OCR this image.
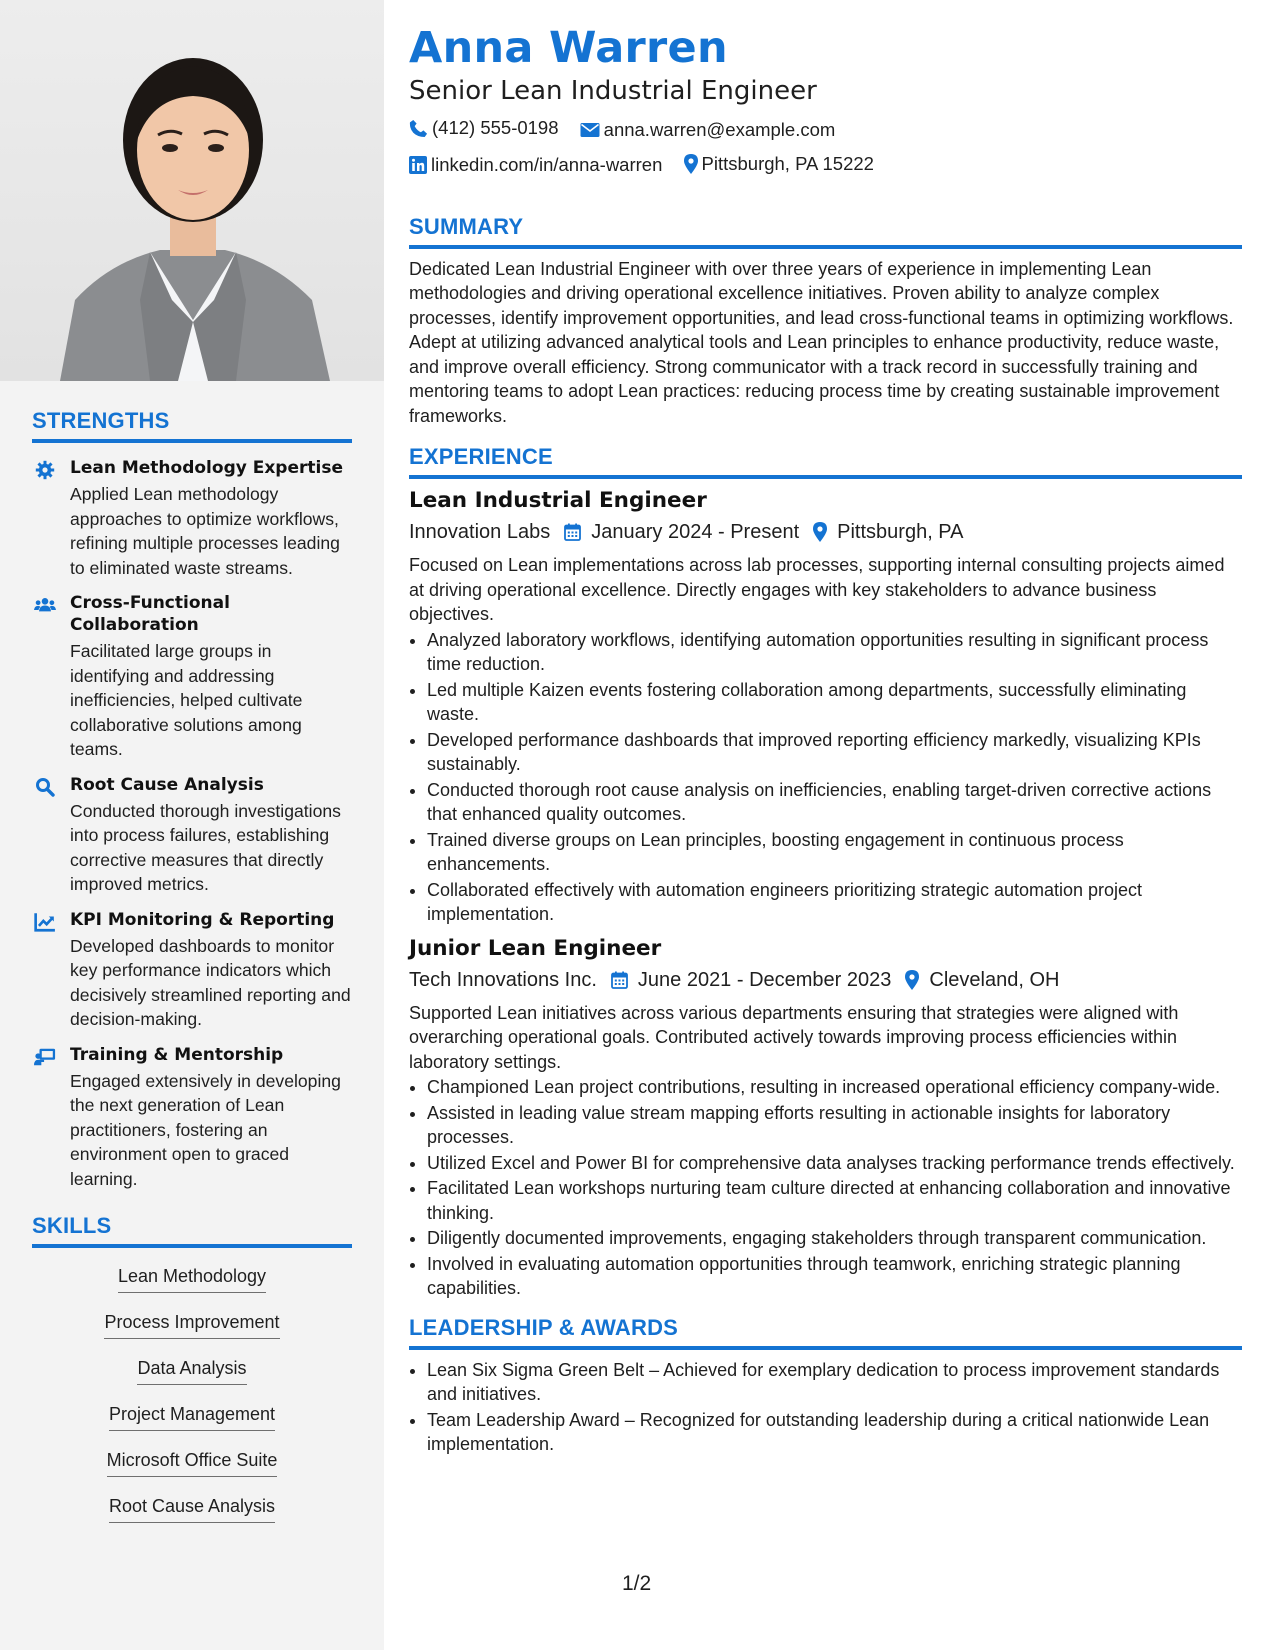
STRENGTHS
Lean Methodology Expertise
Applied Lean methodology approaches to optimize workflows, refining multiple processes leading to eliminated waste streams.
Cross-Functional Collaboration
Facilitated large groups in identifying and addressing inefficiencies, helped cultivate collaborative solutions among teams.
Root Cause Analysis
Conducted thorough investigations into process failures, establishing corrective measures that directly improved metrics.
KPI Monitoring & Reporting
Developed dashboards to monitor key performance indicators which decisively streamlined reporting and decision-making.
Training & Mentorship
Engaged extensively in developing the next generation of Lean practitioners, fostering an environment open to graced learning.
SKILLS
Lean Methodology
Process Improvement
Data Analysis
Project Management
Microsoft Office Suite
Root Cause Analysis
Anna Warren
Senior Lean Industrial Engineer
(412) 555-0198
anna.warren@example.com

linkedin.com/in/anna-warren
Pittsburgh, PA 15222
SUMMARY
Dedicated Lean Industrial Engineer with over three years of experience in implementing Lean methodologies and driving operational excellence initiatives. Proven ability to analyze complex processes, identify improvement opportunities, and lead cross-functional teams in optimizing workflows. Adept at utilizing advanced analytical tools and Lean principles to enhance productivity, reduce waste, and improve overall efficiency. Strong communicator with a track record in successfully training and mentoring teams to adopt Lean practices: reducing process time by creating sustainable improvement frameworks.
EXPERIENCE
Lean Industrial Engineer
Innovation Labs January 2024 - Present Pittsburgh, PA
Focused on Lean implementations across lab processes, supporting internal consulting projects aimed at driving operational excellence. Directly engages with key stakeholders to advance business objectives.
• Analyzed laboratory workflows, identifying automation opportunities resulting in significant process time reduction.
• Led multiple Kaizen events fostering collaboration among departments, successfully eliminating waste.
• Developed performance dashboards that improved reporting efficiency markedly, visualizing KPIs sustainably.
• Conducted thorough root cause analysis on inefficiencies, enabling target-driven corrective actions that enhanced quality outcomes.
• Trained diverse groups on Lean principles, boosting engagement in continuous process enhancements.
• Collaborated effectively with automation engineers prioritizing strategic automation project implementation.
Junior Lean Engineer
Tech Innovations Inc. June 2021 - December 2023 Cleveland, OH
Supported Lean initiatives across various departments ensuring that strategies were aligned with overarching operational goals. Contributed actively towards improving process efficiencies within laboratory settings.
• Championed Lean project contributions, resulting in increased operational efficiency company-wide.
• Assisted in leading value stream mapping efforts resulting in actionable insights for laboratory processes.
• Utilized Excel and Power BI for comprehensive data analyses tracking performance trends effectively.
• Facilitated Lean workshops nurturing team culture directed at enhancing collaboration and innovative thinking.
• Diligently documented improvements, engaging stakeholders through transparent communication.
• Involved in evaluating automation opportunities through teamwork, enriching strategic planning capabilities.
LEADERSHIP & AWARDS
• Lean Six Sigma Green Belt – Achieved for exemplary dedication to process improvement standards and initiatives.
• Team Leadership Award – Recognized for outstanding leadership during a critical nationwide Lean implementation.
1/2
